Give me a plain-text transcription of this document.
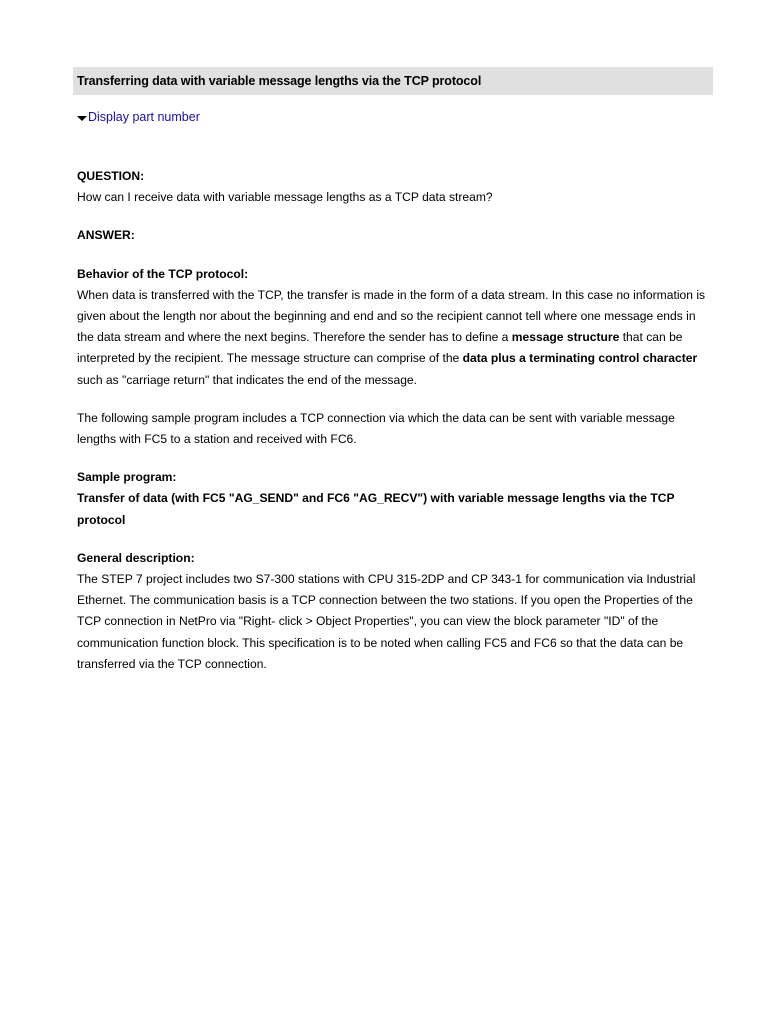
Transferring data with variable message lengths via the TCP protocol
Display part number

QUESTION:

How can I receive data with variable message lengths as a TCP data stream?

ANSWER:

Behavior of the TCP protocol:

When data is transferred with the TCP, the transfer is made in the form of a data stream. In this case no information is given about the length nor about the beginning and end and so the recipient cannot tell where one message ends in the data stream and where the next begins. Therefore the sender has to define a message structure that can be interpreted by the recipient. The message structure can comprise of the data plus a terminating control character such as "carriage return" that indicates the end of the message.

The following sample program includes a TCP connection via which the data can be sent with variable message lengths with FC5 to a station and received with FC6.

Sample program:

Transfer of data (with FC5 "AG_SEND" and FC6 "AG_RECV") with variable message lengths via the TCP protocol

General description:

The STEP 7 project includes two S7-300 stations with CPU 315-2DP and CP 343-1 for communication via Industrial Ethernet. The communication basis is a TCP connection between the two stations. If you open the Properties of the TCP connection in NetPro via "Right- click > Object Properties", you can view the block parameter "ID" of the communication function block. This specification is to be noted when calling FC5 and FC6 so that the data can be transferred via the TCP connection.
